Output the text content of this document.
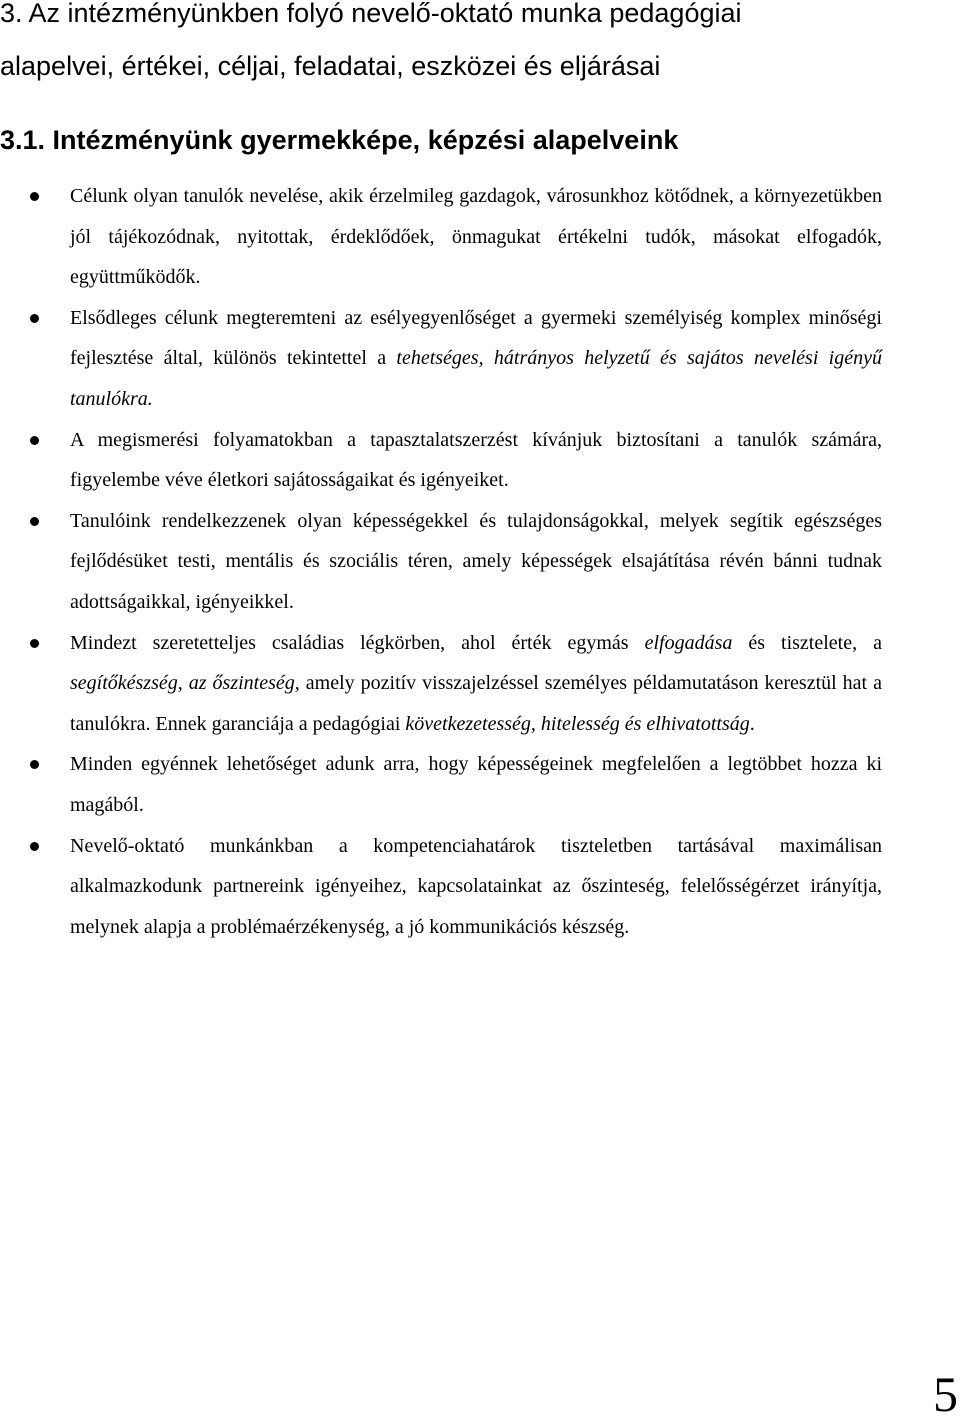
3. Az intézményünkben folyó nevelő-oktató munka pedagógiai
alapelvei, értékei, céljai, feladatai, eszközei és eljárásai
3.1. Intézményünk gyermekképe, képzési alapelveink
Célunk olyan tanulók nevelése, akik érzelmileg gazdagok, városunkhoz kötődnek, a környezetükben jól tájékozódnak, nyitottak, érdeklődőek, önmagukat értékelni tudók, másokat elfogadók, együttműködők.
Elsődleges célunk megteremteni az esélyegyenlőséget a gyermeki személyiség komplex minőségi fejlesztése által, különös tekintettel a tehetséges, hátrányos helyzetű és sajátos nevelési igényű tanulókra.
A megismerési folyamatokban a tapasztalatszerzést kívánjuk biztosítani a tanulók számára, figyelembe véve életkori sajátosságaikat és igényeiket.
Tanulóink rendelkezzenek olyan képességekkel és tulajdonságokkal, melyek segítik egészséges fejlődésüket testi, mentális és szociális téren, amely képességek elsajátítása révén bánni tudnak adottságaikkal, igényeikkel.
Mindezt szeretetteljes családias légkörben, ahol érték egymás elfogadása és tisztelete, a segítőkészség, az őszinteség, amely pozitív visszajelzéssel személyes példamutatáson keresztül hat a tanulókra. Ennek garanciája a pedagógiai következetesség, hitelesség és elhivatottság.
Minden egyénnek lehetőséget adunk arra, hogy képességeinek megfelelően a legtöbbet hozza ki magából.
Nevelő-oktató munkánkban a kompetenciahatárok tiszteletben tartásával maximálisan alkalmazkodunk partnereink igényeihez, kapcsolatainkat az őszinteség, felelősségérzet irányítja, melynek alapja a problémaérzékenység, a jó kommunikációs készség.
5
